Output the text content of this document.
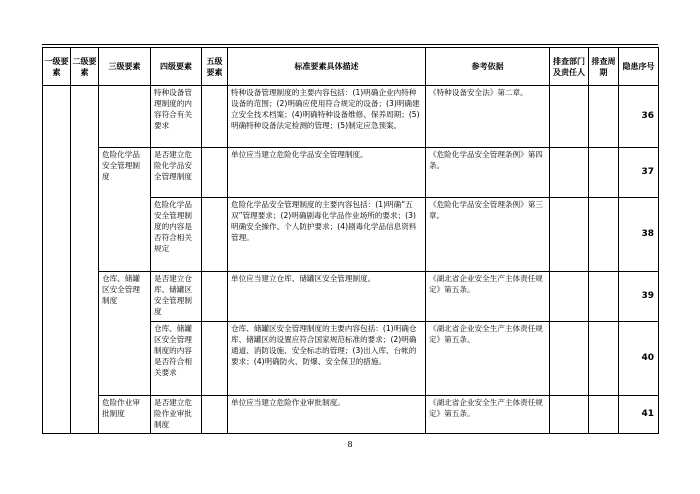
一级要素	二级要素	三级要素	四级要素	五级要素	标准要素具体描述	参考依据	排查部门及责任人	排查周期	隐患序号
			特种设备管理制度的内容符合有关要求		特种设备管理制度的主要内容包括：(1)明确企业内特种设备的范围；(2)明确应使用符合规定的设备；(3)明确建立安全技术档案；(4)明确特种设备维修、保养周期；(5)明确特种设备法定检测的管理；(5)制定应急预案。	《特种设备安全法》第二章。			36
		危险化学品安全管理制度	是否建立危险化学品安全管理制度		单位应当建立危险化学品安全管理制度。	《危险化学品安全管理条例》第四条。			37
			危险化学品安全管理制度的内容是否符合相关规定		危险化学品安全管理制度的主要内容包括：(1)明确“五双”管理要求；(2)明确剧毒化学品作业场所的要求；(3)明确安全操作、个人防护要求；(4)剧毒化学品信息资料管理。	《危险化学品安全管理条例》第三章。			38
		仓库、储罐区安全管理制度	是否建立仓库、储罐区安全管理制度		单位应当建立仓库、储罐区安全管理制度。	《湖北省企业安全生产主体责任规定》第五条。			39
			仓库、储罐区安全管理制度的内容是否符合相关要求		仓库、储罐区安全管理制度的主要内容包括：(1)明确仓库、储罐区的设置应符合国家规范标准的要求；(2)明确通道、消防设施、安全标志的管理；(3)出入库、台帐的要求；(4)明确防火、防爆、安全保卫的措施。	《湖北省企业安全生产主体责任规定》第五条。			40
		危险作业审批制度	是否建立危险作业审批制度		单位应当建立危险作业审批制度。	《湖北省企业安全生产主体责任规定》第五条。			41
8
